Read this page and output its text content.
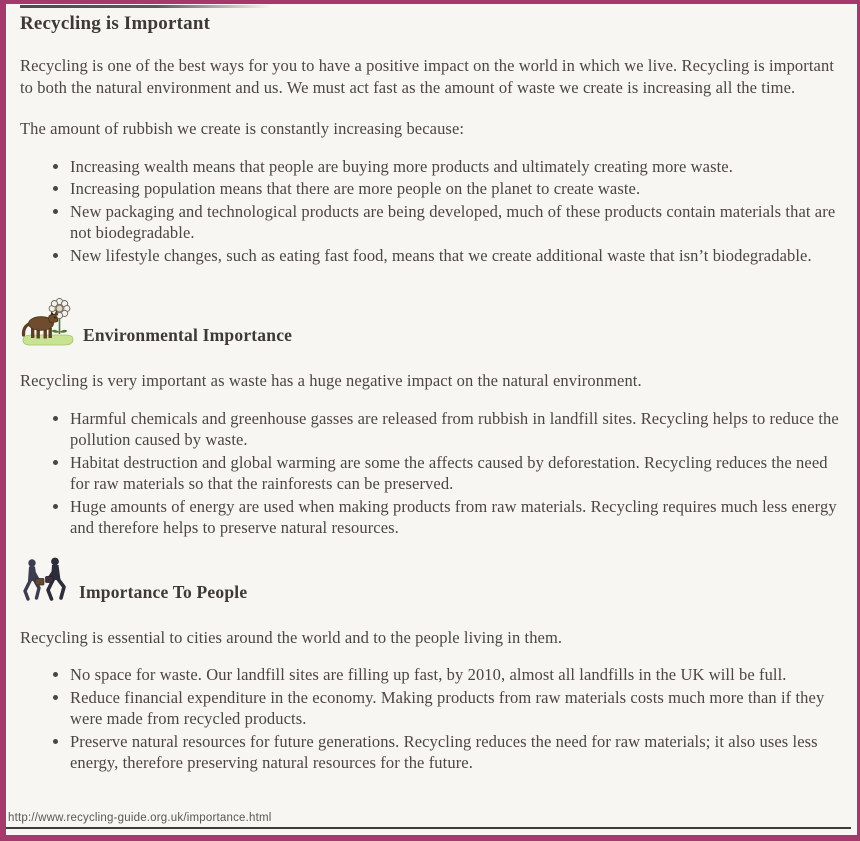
Recycling is Important

Recycling is one of the best ways for you to have a positive impact on the world in which we live. Recycling is important to both the natural environment and us. We must act fast as the amount of waste we create is increasing all the time.

The amount of rubbish we create is constantly increasing because:

• Increasing wealth means that people are buying more products and ultimately creating more waste.
• Increasing population means that there are more people on the planet to create waste.
• New packaging and technological products are being developed, much of these products contain materials that are not biodegradable.
• New lifestyle changes, such as eating fast food, means that we create additional waste that isn’t biodegradable.
Environmental Importance

Recycling is very important as waste has a huge negative impact on the natural environment.

• Harmful chemicals and greenhouse gasses are released from rubbish in landfill sites. Recycling helps to reduce the pollution caused by waste.
• Habitat destruction and global warming are some the affects caused by deforestation. Recycling reduces the need for raw materials so that the rainforests can be preserved.
• Huge amounts of energy are used when making products from raw materials. Recycling requires much less energy and therefore helps to preserve natural resources.
Importance To People

Recycling is essential to cities around the world and to the people living in them.

• No space for waste. Our landfill sites are filling up fast, by 2010, almost all landfills in the UK will be full.
• Reduce financial expenditure in the economy. Making products from raw materials costs much more than if they were made from recycled products.
• Preserve natural resources for future generations. Recycling reduces the need for raw materials; it also uses less energy, therefore preserving natural resources for the future.
http://www.recycling-guide.org.uk/importance.html
